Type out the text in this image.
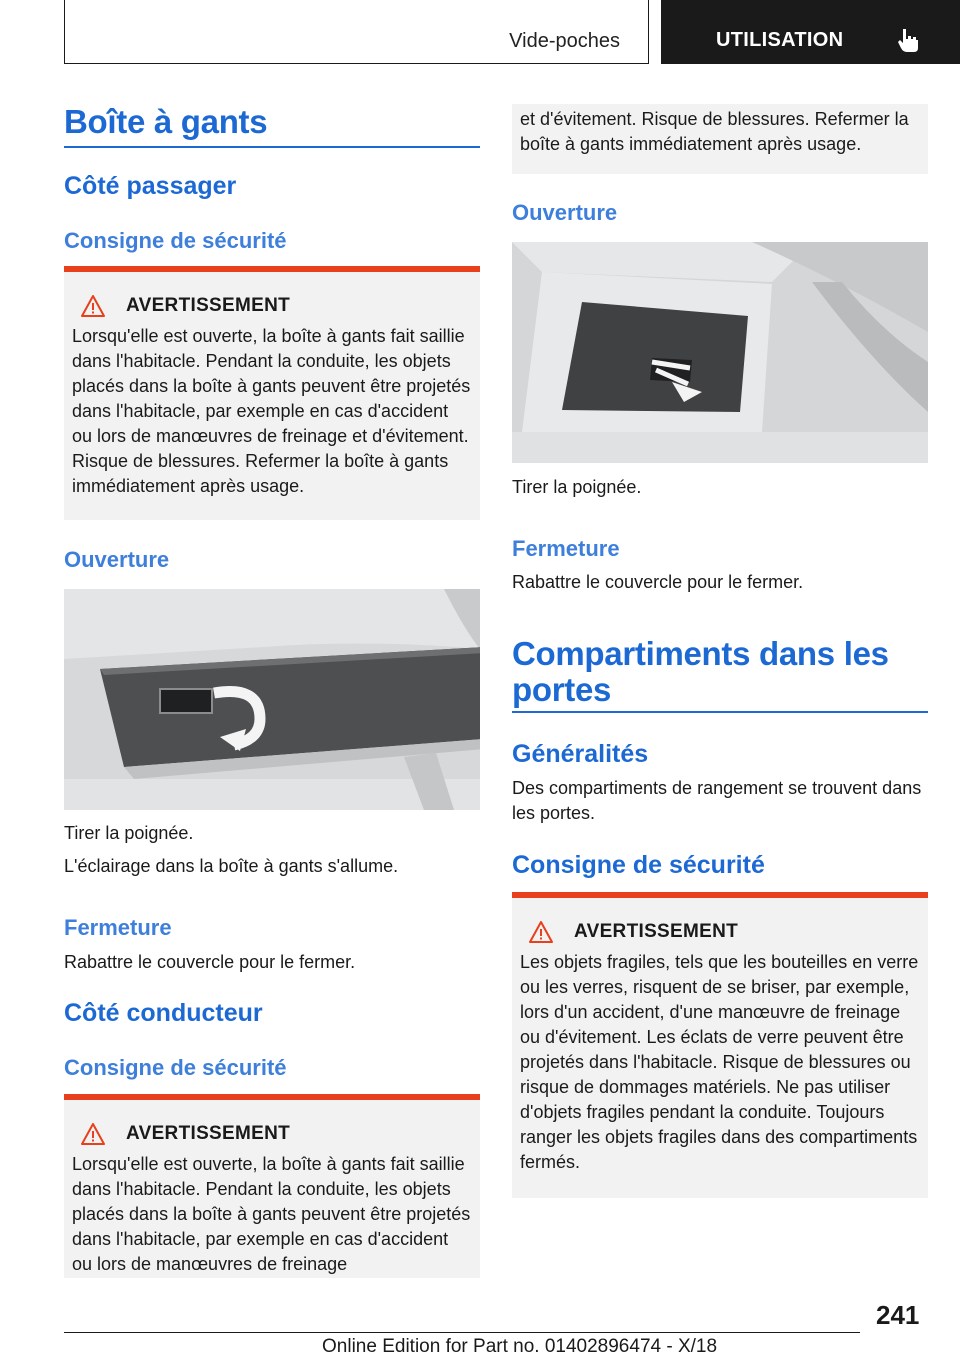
Vide-poches	UTILISATION
Boîte à gants
Côté passager
Consigne de sécurité
AVERTISSEMENT

Lorsqu'elle est ouverte, la boîte à gants fait saillie dans l'habitacle. Pendant la conduite, les objets placés dans la boîte à gants peuvent être projetés dans l'habitacle, par exemple en cas d'accident ou lors de manœuvres de freinage et d'évitement. Risque de blessures. Refermer la boîte à gants immédiatement après usage.

Ouverture

Tirer la poignée.

L'éclairage dans la boîte à gants s'allume.

Fermeture

Rabattre le couvercle pour le fermer.

Côté conducteur
Consigne de sécurité
AVERTISSEMENT

Lorsqu'elle est ouverte, la boîte à gants fait saillie dans l'habitacle. Pendant la conduite, les objets placés dans la boîte à gants peuvent être projetés dans l'habitacle, par exemple en cas d'accident ou lors de manœuvres de freinage

et d'évitement. Risque de blessures. Refermer la boîte à gants immédiatement après usage.

Ouverture

Tirer la poignée.

Fermeture

Rabattre le couvercle pour le fermer.

Compartiments dans les portes
Généralités

Des compartiments de rangement se trouvent dans les portes.

Consigne de sécurité
AVERTISSEMENT

Les objets fragiles, tels que les bouteilles en verre ou les verres, risquent de se briser, par exemple, lors d'un accident, d'une manœuvre de freinage ou d'évitement. Les éclats de verre peuvent être projetés dans l'habitacle. Risque de blessures ou risque de dommages matériels. Ne pas utiliser d'objets fragiles pendant la conduite. Toujours ranger les objets fragiles dans des compartiments fermés.

241
Online Edition for Part no. 01402896474 - X/18
